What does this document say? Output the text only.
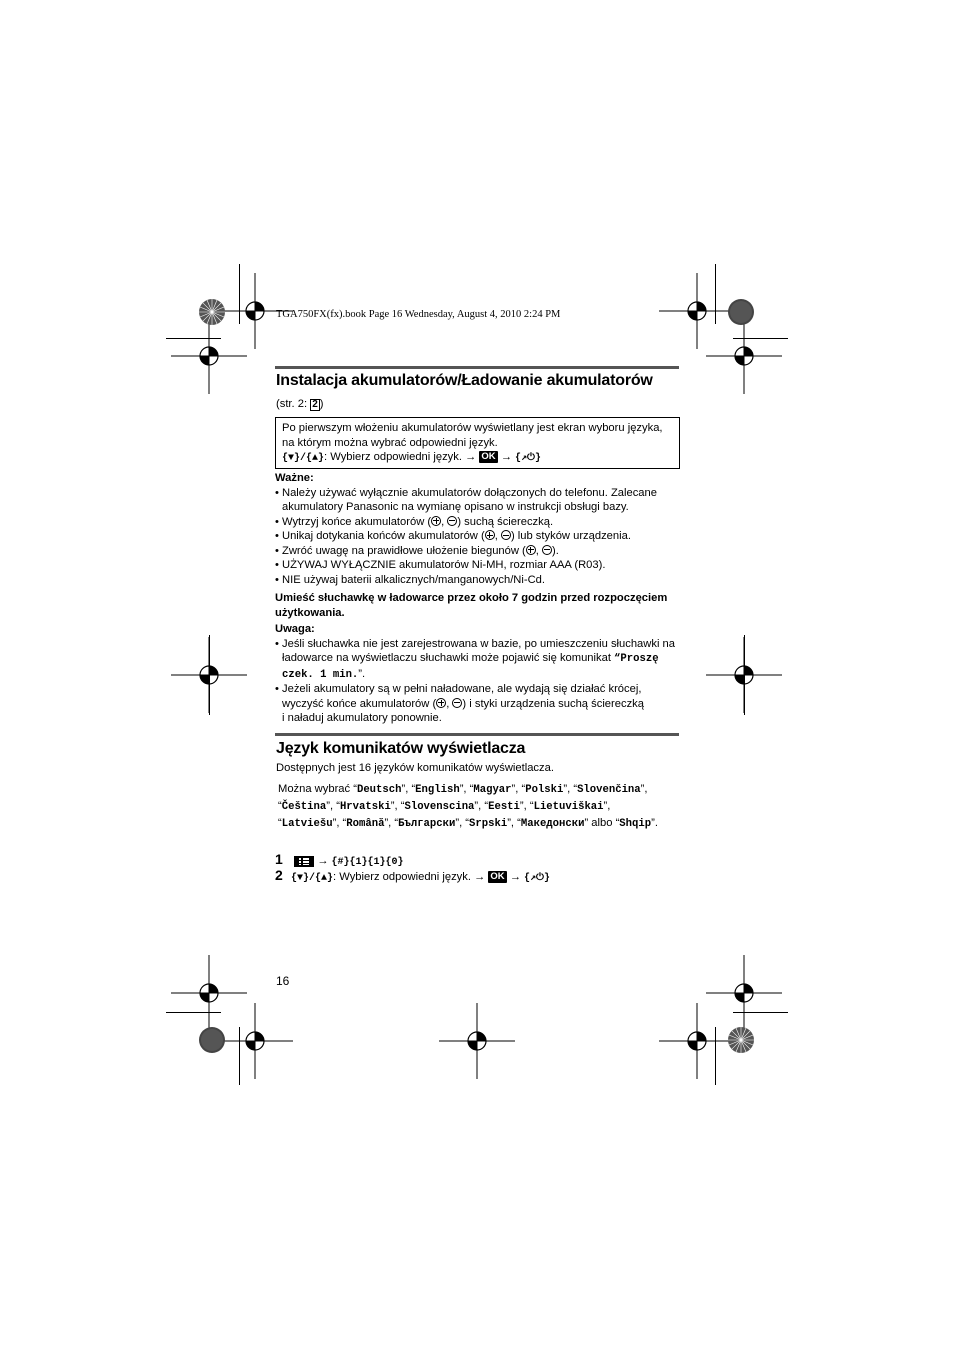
TGA750FX(fx).book Page 16 Wednesday, August 4, 2010 2:24 PM
Instalacja akumulatorów/Ładowanie akumulatorów
(str. 2: 2 )
Po pierwszym włożeniu akumulatorów wyświetlany jest ekran wyboru języka,
na którym można wybrać odpowiedni język.
{▼}/{▲}: Wybierz odpowiedni język. → OK → {↗⏻}
Ważne:
• Należy używać wyłącznie akumulatorów dołączonych do telefonu. Zalecane
akumulatory Panasonic na wymianę opisano w instrukcji obsługi bazy.
• Wytrzyj końce akumulatorów ( , ) suchą ściereczką.
• Unikaj dotykania końców akumulatorów ( , ) lub styków urządzenia.
• Zwróć uwagę na prawidłowe ułożenie biegunów ( , ).
• UŻYWAJ WYŁĄCZNIE akumulatorów Ni-MH, rozmiar AAA (R03).
• NIE używaj baterii alkalicznych/manganowych/Ni-Cd.
Umieść słuchawkę w ładowarce przez około 7 godzin przed rozpoczęciem użytkowania.
Uwaga:
• Jeśli słuchawka nie jest zarejestrowana w bazie, po umieszczeniu słuchawki na
ładowarce na wyświetlaczu słuchawki może pojawić się komunikat “Proszę
czek. 1 min.”.
• Jeżeli akumulatory są w pełni naładowane, ale wydają się działać krócej,
wyczyść końce akumulatorów ( , ) i styki urządzenia suchą ściereczką
i naładuj akumulatory ponownie.
Język komunikatów wyświetlacza
Dostępnych jest 16 języków komunikatów wyświetlacza.
Można wybrać “Deutsch”, “English”, “Magyar”, “Polski”, “Slovenčina”, “Čeština”, “Hrvatski”, “Slovenscina”, “Eesti”, “Lietuviškai”, “Latviešu”, “Română”, “Български”, “Srpski”, “Македонски” albo “Shqip”.
1	→ {#}{1}{1}{0}
2 {▼}/{▲}: Wybierz odpowiedni język. → OK → {↗⏻}
16
